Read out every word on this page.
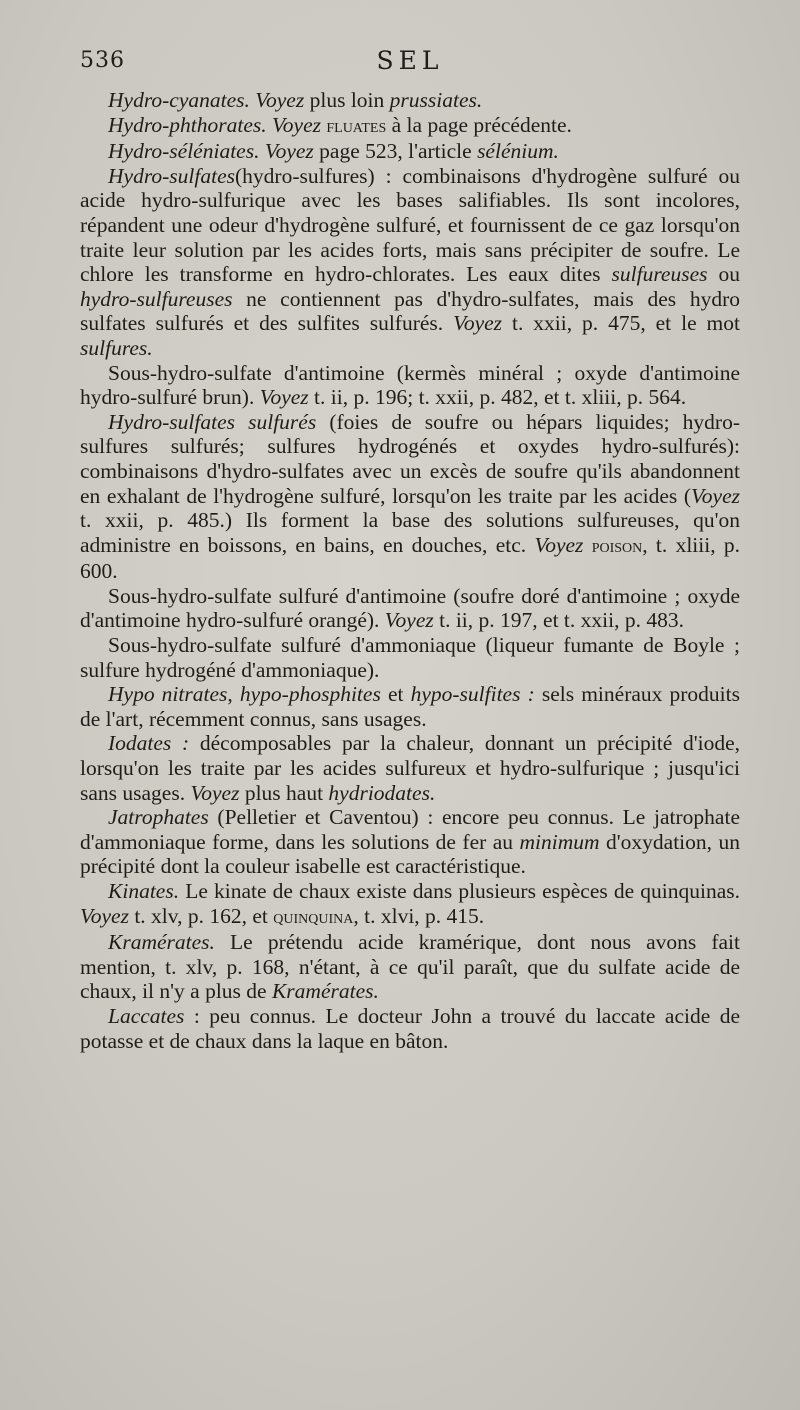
536	SEL

Hydro-cyanates. Voyez plus loin prussiates.

Hydro-phthorates. Voyez fluates à la page précédente.

Hydro-séléniates. Voyez page 523, l'article sélénium.

Hydro-sulfates(hydro-sulfures) : combinaisons d'hydrogène sulfuré ou acide hydro-sulfurique avec les bases salifiables. Ils sont incolores, répandent une odeur d'hydrogène sulfuré, et fournissent de ce gaz lorsqu'on traite leur solution par les acides forts, mais sans précipiter de soufre. Le chlore les transforme en hydro-chlorates. Les eaux dites sulfureuses ou hydro-sulfureuses ne contiennent pas d'hydro-sulfates, mais des hydro sulfates sulfurés et des sulfites sulfurés. Voyez t. xxii, p. 475, et le mot sulfures.

Sous-hydro-sulfate d'antimoine (kermès minéral ; oxyde d'antimoine hydro-sulfuré brun). Voyez t. ii, p. 196; t. xxii, p. 482, et t. xliii, p. 564.

Hydro-sulfates sulfurés (foies de soufre ou hépars liquides; hydro-sulfures sulfurés; sulfures hydrogénés et oxydes hydro-sulfurés): combinaisons d'hydro-sulfates avec un excès de soufre qu'ils abandonnent en exhalant de l'hydrogène sulfuré, lorsqu'on les traite par les acides (Voyez t. xxii, p. 485.) Ils forment la base des solutions sulfureuses, qu'on administre en boissons, en bains, en douches, etc. Voyez poison, t. xliii, p. 600.

Sous-hydro-sulfate sulfuré d'antimoine (soufre doré d'antimoine ; oxyde d'antimoine hydro-sulfuré orangé). Voyez t. ii, p. 197, et t. xxii, p. 483.

Sous-hydro-sulfate sulfuré d'ammoniaque (liqueur fumante de Boyle ; sulfure hydrogéné d'ammoniaque).

Hypo nitrates, hypo-phosphites et hypo-sulfites : sels minéraux produits de l'art, récemment connus, sans usages.

Iodates : décomposables par la chaleur, donnant un précipité d'iode, lorsqu'on les traite par les acides sulfureux et hydro-sulfurique ; jusqu'ici sans usages. Voyez plus haut hydriodates.

Jatrophates (Pelletier et Caventou) : encore peu connus. Le jatrophate d'ammoniaque forme, dans les solutions de fer au minimum d'oxydation, un précipité dont la couleur isabelle est caractéristique.

Kinates. Le kinate de chaux existe dans plusieurs espèces de quinquinas. Voyez t. xlv, p. 162, et quinquina, t. xlvi, p. 415.

Kramérates. Le prétendu acide kramérique, dont nous avons fait mention, t. xlv, p. 168, n'étant, à ce qu'il paraît, que du sulfate acide de chaux, il n'y a plus de Kramérates.

Laccates : peu connus. Le docteur John a trouvé du laccate acide de potasse et de chaux dans la laque en bâton.
